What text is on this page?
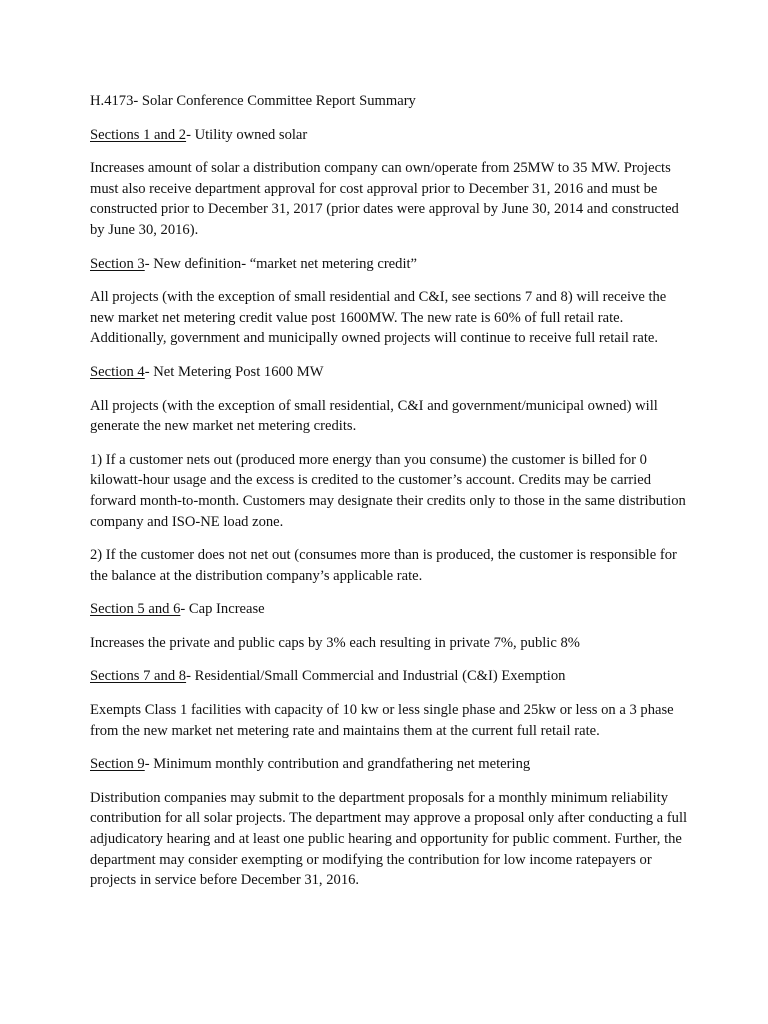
H.4173- Solar Conference Committee Report Summary

Sections 1 and 2- Utility owned solar

Increases amount of solar a distribution company can own/operate from 25MW to 35 MW. Projects must also receive department approval for cost approval prior to December 31, 2016 and must be constructed prior to December 31, 2017 (prior dates were approval by June 30, 2014 and constructed by June 30, 2016).

Section 3- New definition- “market net metering credit”

All projects (with the exception of small residential and C&I, see sections 7 and 8) will receive the new market net metering credit value post 1600MW. The new rate is 60% of full retail rate. Additionally, government and municipally owned projects will continue to receive full retail rate.

Section 4- Net Metering Post 1600 MW

All projects (with the exception of small residential, C&I and government/municipal owned) will generate the new market net metering credits.

1) If a customer nets out (produced more energy than you consume) the customer is billed for 0 kilowatt-hour usage and the excess is credited to the customer’s account. Credits may be carried forward month-to-month. Customers may designate their credits only to those in the same distribution company and ISO-NE load zone.

2) If the customer does not net out (consumes more than is produced, the customer is responsible for the balance at the distribution company’s applicable rate.

Section 5 and 6- Cap Increase

Increases the private and public caps by 3% each resulting in private 7%, public 8%

Sections 7 and 8- Residential/Small Commercial and Industrial (C&I) Exemption

Exempts Class 1 facilities with capacity of 10 kw or less single phase and 25kw or less on a 3 phase from the new market net metering rate and maintains them at the current full retail rate.

Section 9- Minimum monthly contribution and grandfathering net metering

Distribution companies may submit to the department proposals for a monthly minimum reliability contribution for all solar projects. The department may approve a proposal only after conducting a full adjudicatory hearing and at least one public hearing and opportunity for public comment. Further, the department may consider exempting or modifying the contribution for low income ratepayers or projects in service before December 31, 2016.
